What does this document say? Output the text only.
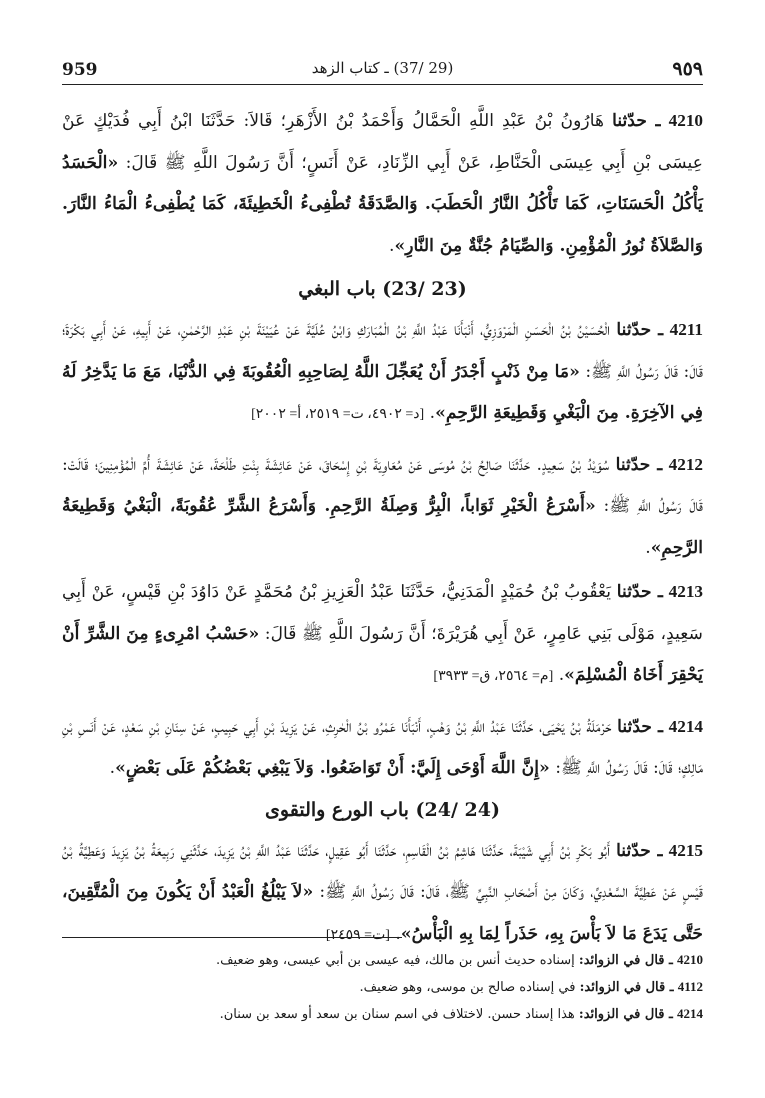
959	(29 /37) ـ كتاب الزهد	٩٥٩

4210 ـ حدّثنا هَارُونُ بْنُ عَبْدِ اللَّهِ الْحَمَّالُ وَأَحْمَدُ بْنُ الأَزْهَرِ؛ قَالاَ: حَدَّثَنَا ابْنُ أَبِي فُدَيْكٍ عَنْ عِيسَى بْنِ أَبِي عِيسَى الْحَنَّاطِ، عَنْ أَبِي الزِّنَادِ، عَنْ أَنَسٍ؛ أَنَّ رَسُولَ اللَّهِ ﷺ قَالَ: «الْحَسَدُ يَأْكُلُ الْحَسَنَاتِ، كَمَا تَأْكُلُ النَّارُ الْحَطَبَ. وَالصَّدَقَةُ تُطْفِىءُ الْخَطِيئَةَ، كَمَا يُطْفِىءُ الْمَاءُ النَّارَ. وَالصَّلاَةُ نُورُ الْمُؤْمِنِ. وَالصِّيَامُ جُنَّةٌ مِنَ النَّارِ».

(23 /23) باب البغي

4211 ـ حدّثنا الْحُسَيْنُ بْنُ الْحَسَنِ الْمَرْوَزِيُّ، أَنْبَأَنَا عَبْدُ اللَّهِ بْنُ الْمُبَارَكِ وَابْنُ عُلَيَّةَ عَنْ عُيَيْنَةَ بْنِ عَبْدِ الرَّحْمٰنِ، عَنْ أَبِيهِ، عَنْ أَبِي بَكْرَةَ؛ قَالَ: قَالَ رَسُولُ اللَّهِ ﷺ: «مَا مِنْ ذَنْبٍ أَجْدَرُ أَنْ يُعَجِّلَ اللَّهُ لِصَاحِبِهِ الْعُقُوبَةَ فِي الدُّنْيَا، مَعَ مَا يَدَّخِرُ لَهُ فِي الآخِرَةِ. مِنَ الْبَغْيِ وَقَطِيعَةِ الرَّحِمِ». [د= ٤٩٠٢، ت= ٢٥١٩، أ= ٢٠٠٢]

4212 ـ حدّثنا سُوَيْدُ بْنُ سَعِيدٍ. حَدَّثَنَا صَالِحُ بْنُ مُوسَى عَنْ مُعَاوِيَةَ بْنِ إِسْحَاقَ، عَنْ عَائِشَةَ بِنْتِ طَلْحَةَ، عَنْ عَائِشَةَ أُمِّ الْمُؤْمِنِينَ؛ قَالَتْ: قَالَ رَسُولُ اللَّهِ ﷺ: «أَسْرَعُ الْخَيْرِ ثَوَاباً، الْبِرُّ وَصِلَةُ الرَّحِمِ. وَأَسْرَعُ الشَّرِّ عُقُوبَةً، الْبَغْيُ وَقَطِيعَةُ الرَّحِمِ».

4213 ـ حدّثنا يَعْقُوبُ بْنُ حُمَيْدٍ الْمَدَنِيُّ، حَدَّثَنَا عَبْدُ الْعَزِيزِ بْنُ مُحَمَّدٍ عَنْ دَاوُدَ بْنِ قَيْسٍ، عَنْ أَبِي سَعِيدٍ، مَوْلَى بَنِي عَامِرٍ، عَنْ أَبِي هُرَيْرَةَ؛ أَنَّ رَسُولَ اللَّهِ ﷺ قَالَ: «حَسْبُ امْرِىءٍ مِنَ الشَّرِّ أَنْ يَحْقِرَ أَخَاهُ الْمُسْلِمَ». [م= ٢٥٦٤، ق= ٣٩٣٣]

4214 ـ حدّثنا حَرْمَلَةُ بْنُ يَحْيَى، حَدَّثَنَا عَبْدُ اللَّهِ بْنُ وَهْبٍ، أَنْبَأَنَا عَمْرُو بْنُ الْحٰرِثِ، عَنْ يَزِيدَ بْنِ أَبِي حَبِيبٍ، عَنْ سِنَانِ بْنِ سَعْدٍ، عَنْ أَنَسِ بْنِ مَالِكٍ؛ قَالَ: قَالَ رَسُولُ اللَّهِ ﷺ: «إِنَّ اللَّهَ أَوْحَى إِلَيَّ: أَنْ تَوَاضَعُوا. وَلاَ يَبْغِي بَعْضُكُمْ عَلَى بَعْضٍ».

(24 /24) باب الورع والتقوى

4215 ـ حدّثنا أَبُو بَكْرِ بْنُ أَبِي شَيْبَةَ، حَدَّثَنَا هَاشِمُ بْنُ الْقَاسِمِ، حَدَّثَنَا أَبُو عَقِيلٍ، حَدَّثَنَا عَبْدُ اللَّهِ بْنُ يَزِيدَ، حَدَّثَنِي رَبِيعَةُ بْنُ يَزِيدَ وَعَطِيَّةُ بْنُ قَيْسٍ عَنْ عَطِيَّةَ السَّعْدِيِّ، وَكَانَ مِنْ أَصْحَابِ النَّبِيِّ ﷺ، قَالَ: قَالَ رَسُولُ اللَّهِ ﷺ: «لاَ يَبْلُغُ الْعَبْدُ أَنْ يَكُونَ مِنَ الْمُتَّقِينَ، حَتَّى يَدَعَ مَا لاَ بَأْسَ بِهِ، حَذَراً لِمَا بِهِ الْبَأْسُ». [ت= ٢٤٥٩]

4210 ـ قال في الزوائد: إسناده حديث أنس بن مالك، فيه عيسى بن أبي عيسى، وهو ضعيف.

4112 ـ قال في الزوائد: في إسناده صالح بن موسى، وهو ضعيف.

4214 ـ قال في الزوائد: هذا إسناد حسن. لاختلاف في اسم سنان بن سعد أو سعد بن سنان.
